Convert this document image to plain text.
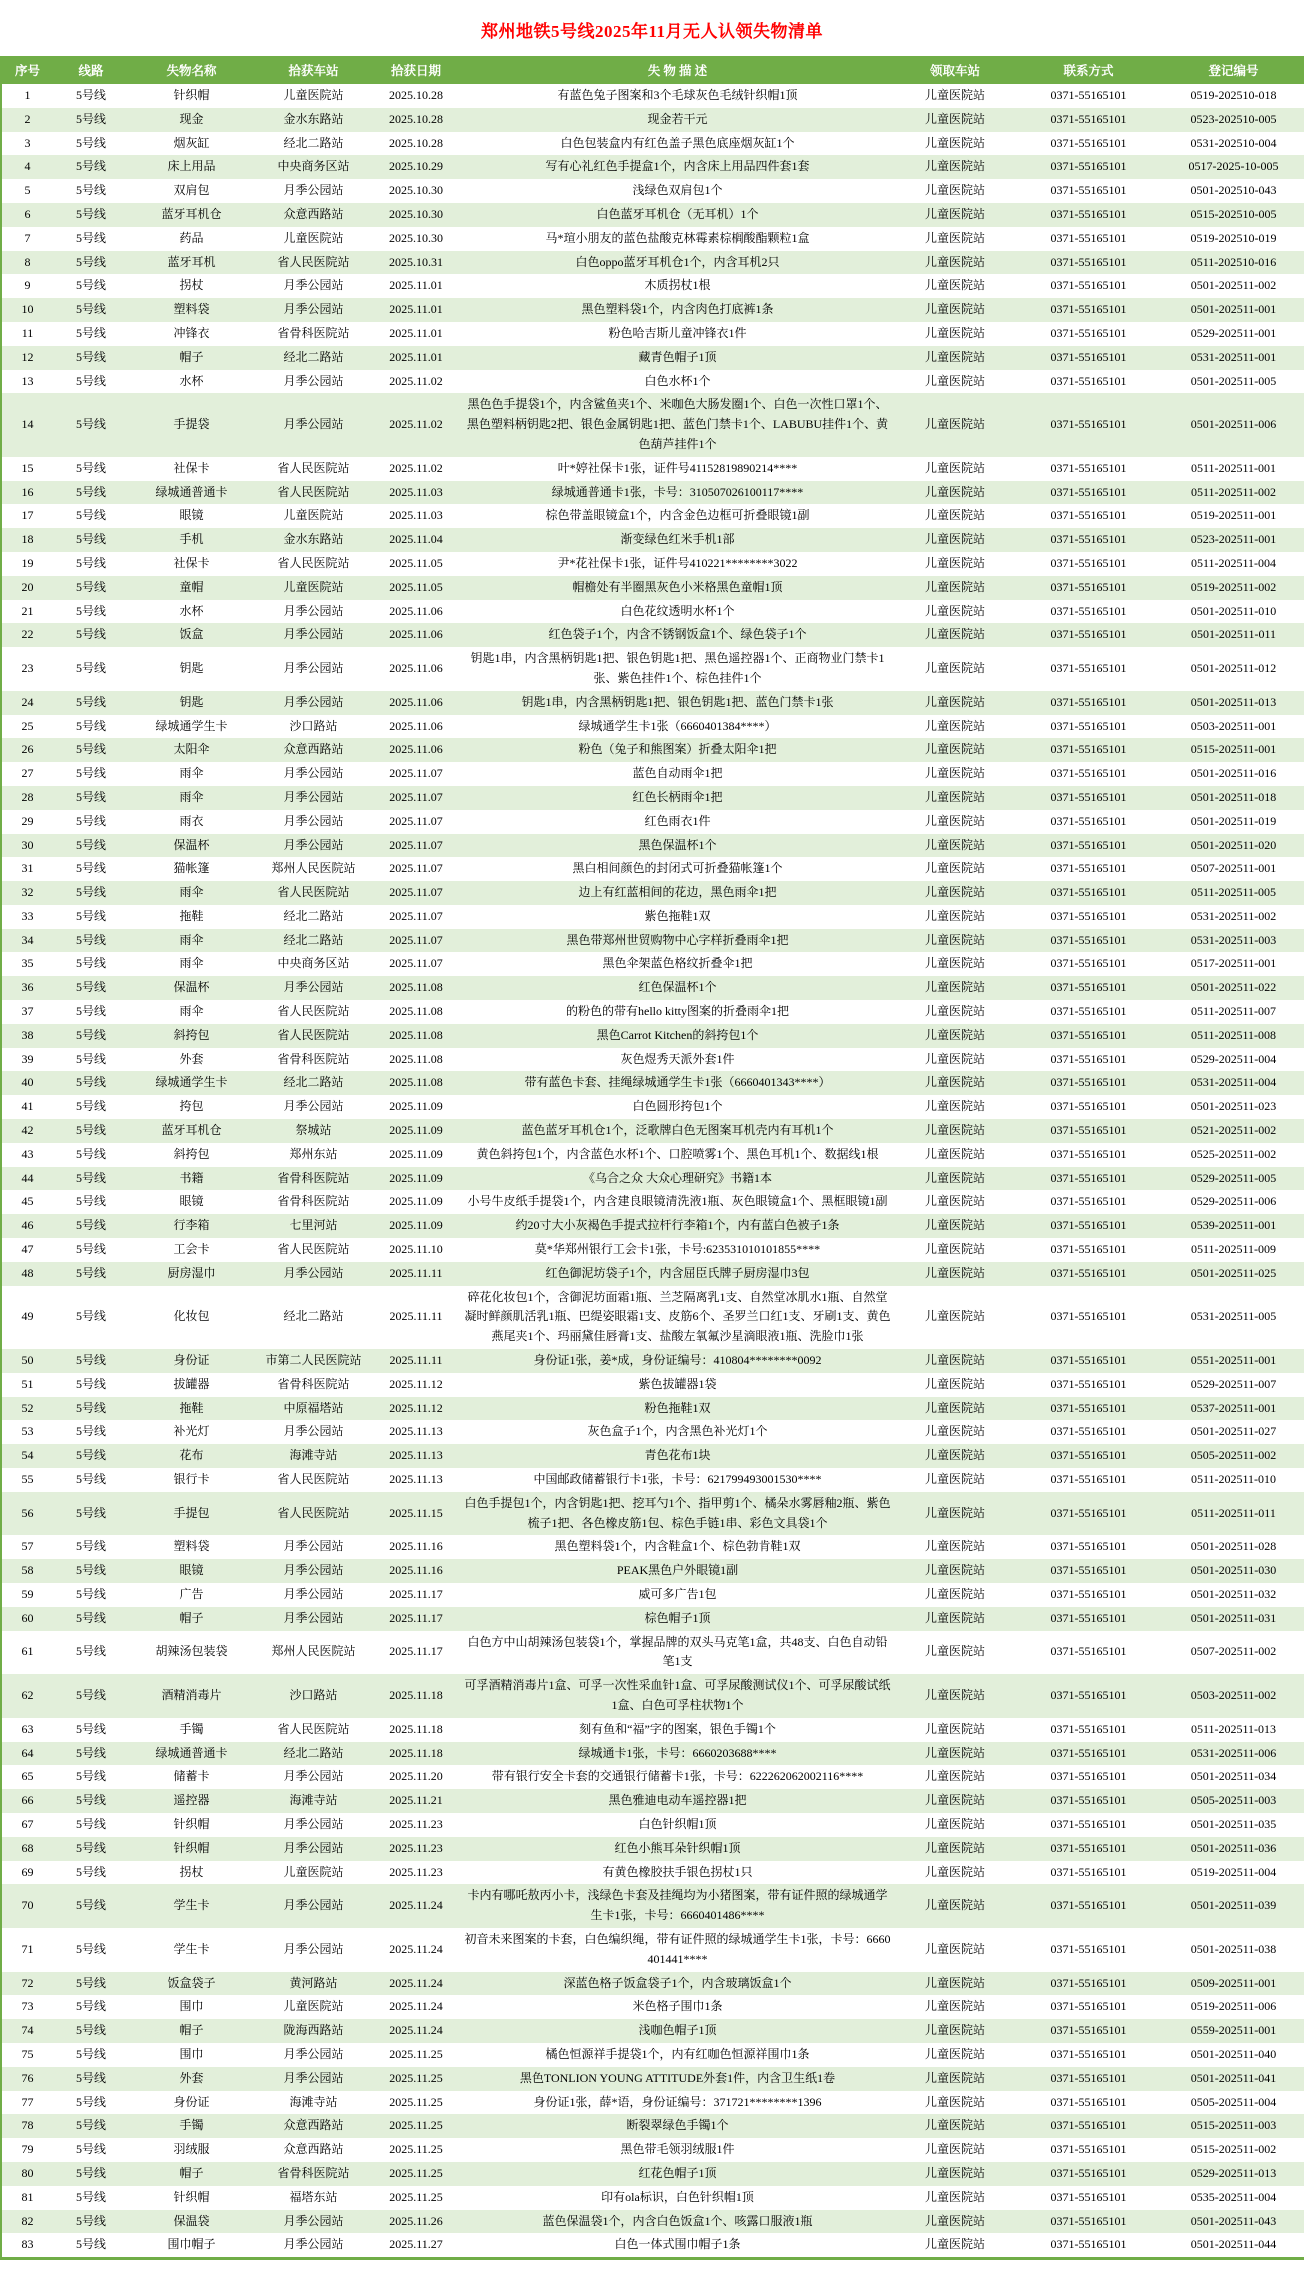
郑州地铁5号线2025年11月无人认领失物清单
序号	线路	失物名称	拾获车站	拾获日期	失 物 描 述	领取车站	联系方式	登记编号
1	5号线	针织帽	儿童医院站	2025.10.28	有蓝色兔子图案和3个毛球灰色毛绒针织帽1顶	儿童医院站	0371-55165101	0519-202510-018
2	5号线	现金	金水东路站	2025.10.28	现金若干元	儿童医院站	0371-55165101	0523-202510-005
3	5号线	烟灰缸	经北二路站	2025.10.28	白色包装盒内有红色盖子黑色底座烟灰缸1个	儿童医院站	0371-55165101	0531-202510-004
4	5号线	床上用品	中央商务区站	2025.10.29	写有心礼红色手提盒1个，内含床上用品四件套1套	儿童医院站	0371-55165101	0517-2025-10-005
5	5号线	双肩包	月季公园站	2025.10.30	浅绿色双肩包1个	儿童医院站	0371-55165101	0501-202510-043
6	5号线	蓝牙耳机仓	众意西路站	2025.10.30	白色蓝牙耳机仓（无耳机）1个	儿童医院站	0371-55165101	0515-202510-005
7	5号线	药品	儿童医院站	2025.10.30	马*瑄小朋友的蓝色盐酸克林霉素棕榈酸酯颗粒1盒	儿童医院站	0371-55165101	0519-202510-019
8	5号线	蓝牙耳机	省人民医院站	2025.10.31	白色oppo蓝牙耳机仓1个，内含耳机2只	儿童医院站	0371-55165101	0511-202510-016
9	5号线	拐杖	月季公园站	2025.11.01	木质拐杖1根	儿童医院站	0371-55165101	0501-202511-002
10	5号线	塑料袋	月季公园站	2025.11.01	黑色塑料袋1个，内含肉色打底裤1条	儿童医院站	0371-55165101	0501-202511-001
11	5号线	冲锋衣	省骨科医院站	2025.11.01	粉色哈吉斯儿童冲锋衣1件	儿童医院站	0371-55165101	0529-202511-001
12	5号线	帽子	经北二路站	2025.11.01	藏青色帽子1顶	儿童医院站	0371-55165101	0531-202511-001
13	5号线	水杯	月季公园站	2025.11.02	白色水杯1个	儿童医院站	0371-55165101	0501-202511-005
14	5号线	手提袋	月季公园站	2025.11.02	黑色色手提袋1个，内含鲨鱼夹1个、米咖色大肠发圈1个、白色一次性口罩1个、黑色塑料柄钥匙2把、银色金属钥匙1把、蓝色门禁卡1个、LABUBU挂件1个、黄色葫芦挂件1个	儿童医院站	0371-55165101	0501-202511-006
15	5号线	社保卡	省人民医院站	2025.11.02	叶*婷社保卡1张，证件号41152819890214****	儿童医院站	0371-55165101	0511-202511-001
16	5号线	绿城通普通卡	省人民医院站	2025.11.03	绿城通普通卡1张，卡号：310507026100117****	儿童医院站	0371-55165101	0511-202511-002
17	5号线	眼镜	儿童医院站	2025.11.03	棕色带盖眼镜盒1个，内含金色边框可折叠眼镜1副	儿童医院站	0371-55165101	0519-202511-001
18	5号线	手机	金水东路站	2025.11.04	渐变绿色红米手机1部	儿童医院站	0371-55165101	0523-202511-001
19	5号线	社保卡	省人民医院站	2025.11.05	尹*花社保卡1张，证件号410221********3022	儿童医院站	0371-55165101	0511-202511-004
20	5号线	童帽	儿童医院站	2025.11.05	帽檐处有半圈黑灰色小米格黑色童帽1顶	儿童医院站	0371-55165101	0519-202511-002
21	5号线	水杯	月季公园站	2025.11.06	白色花纹透明水杯1个	儿童医院站	0371-55165101	0501-202511-010
22	5号线	饭盒	月季公园站	2025.11.06	红色袋子1个，内含不锈钢饭盒1个、绿色袋子1个	儿童医院站	0371-55165101	0501-202511-011
23	5号线	钥匙	月季公园站	2025.11.06	钥匙1串，内含黑柄钥匙1把、银色钥匙1把、黑色遥控器1个、正商物业门禁卡1张、紫色挂件1个、棕色挂件1个	儿童医院站	0371-55165101	0501-202511-012
24	5号线	钥匙	月季公园站	2025.11.06	钥匙1串，内含黑柄钥匙1把、银色钥匙1把、蓝色门禁卡1张	儿童医院站	0371-55165101	0501-202511-013
25	5号线	绿城通学生卡	沙口路站	2025.11.06	绿城通学生卡1张（6660401384****）	儿童医院站	0371-55165101	0503-202511-001
26	5号线	太阳伞	众意西路站	2025.11.06	粉色（兔子和熊图案）折叠太阳伞1把	儿童医院站	0371-55165101	0515-202511-001
27	5号线	雨伞	月季公园站	2025.11.07	蓝色自动雨伞1把	儿童医院站	0371-55165101	0501-202511-016
28	5号线	雨伞	月季公园站	2025.11.07	红色长柄雨伞1把	儿童医院站	0371-55165101	0501-202511-018
29	5号线	雨衣	月季公园站	2025.11.07	红色雨衣1件	儿童医院站	0371-55165101	0501-202511-019
30	5号线	保温杯	月季公园站	2025.11.07	黑色保温杯1个	儿童医院站	0371-55165101	0501-202511-020
31	5号线	猫帐篷	郑州人民医院站	2025.11.07	黑白相间颜色的封闭式可折叠猫帐篷1个	儿童医院站	0371-55165101	0507-202511-001
32	5号线	雨伞	省人民医院站	2025.11.07	边上有红蓝相间的花边，黑色雨伞1把	儿童医院站	0371-55165101	0511-202511-005
33	5号线	拖鞋	经北二路站	2025.11.07	紫色拖鞋1双	儿童医院站	0371-55165101	0531-202511-002
34	5号线	雨伞	经北二路站	2025.11.07	黑色带郑州世贸购物中心字样折叠雨伞1把	儿童医院站	0371-55165101	0531-202511-003
35	5号线	雨伞	中央商务区站	2025.11.07	黑色伞架蓝色格纹折叠伞1把	儿童医院站	0371-55165101	0517-202511-001
36	5号线	保温杯	月季公园站	2025.11.08	红色保温杯1个	儿童医院站	0371-55165101	0501-202511-022
37	5号线	雨伞	省人民医院站	2025.11.08	的粉色的带有hello kitty图案的折叠雨伞1把	儿童医院站	0371-55165101	0511-202511-007
38	5号线	斜挎包	省人民医院站	2025.11.08	黑色Carrot Kitchen的斜挎包1个	儿童医院站	0371-55165101	0511-202511-008
39	5号线	外套	省骨科医院站	2025.11.08	灰色煜秀天派外套1件	儿童医院站	0371-55165101	0529-202511-004
40	5号线	绿城通学生卡	经北二路站	2025.11.08	带有蓝色卡套、挂绳绿城通学生卡1张（6660401343****）	儿童医院站	0371-55165101	0531-202511-004
41	5号线	挎包	月季公园站	2025.11.09	白色圆形挎包1个	儿童医院站	0371-55165101	0501-202511-023
42	5号线	蓝牙耳机仓	祭城站	2025.11.09	蓝色蓝牙耳机仓1个，泛歌牌白色无图案耳机壳内有耳机1个	儿童医院站	0371-55165101	0521-202511-002
43	5号线	斜挎包	郑州东站	2025.11.09	黄色斜挎包1个，内含蓝色水杯1个、口腔喷雾1个、黑色耳机1个、数据线1根	儿童医院站	0371-55165101	0525-202511-002
44	5号线	书籍	省骨科医院站	2025.11.09	《乌合之众 大众心理研究》书籍1本	儿童医院站	0371-55165101	0529-202511-005
45	5号线	眼镜	省骨科医院站	2025.11.09	小号牛皮纸手提袋1个，内含建良眼镜清洗液1瓶、灰色眼镜盒1个、黑框眼镜1副	儿童医院站	0371-55165101	0529-202511-006
46	5号线	行李箱	七里河站	2025.11.09	约20寸大小灰褐色手提式拉杆行李箱1个，内有蓝白色被子1条	儿童医院站	0371-55165101	0539-202511-001
47	5号线	工会卡	省人民医院站	2025.11.10	莫*华郑州银行工会卡1张，卡号:623531010101855****	儿童医院站	0371-55165101	0511-202511-009
48	5号线	厨房湿巾	月季公园站	2025.11.11	红色御泥坊袋子1个，内含屈臣氏牌子厨房湿巾3包	儿童医院站	0371-55165101	0501-202511-025
49	5号线	化妆包	经北二路站	2025.11.11	碎花化妆包1个，含御泥坊面霜1瓶、兰芝隔离乳1支、自然堂冰肌水1瓶、自然堂凝时鲜颜肌活乳1瓶、巴缇姿眼霜1支、皮筋6个、圣罗兰口红1支、牙刷1支、黄色燕尾夹1个、玛丽黛佳唇膏1支、盐酸左氧氟沙星滴眼液1瓶、洗脸巾1张	儿童医院站	0371-55165101	0531-202511-005
50	5号线	身份证	市第二人民医院站	2025.11.11	身份证1张，姜*成，身份证编号：410804********0092	儿童医院站	0371-55165101	0551-202511-001
51	5号线	拔罐器	省骨科医院站	2025.11.12	紫色拔罐器1袋	儿童医院站	0371-55165101	0529-202511-007
52	5号线	拖鞋	中原福塔站	2025.11.12	粉色拖鞋1双	儿童医院站	0371-55165101	0537-202511-001
53	5号线	补光灯	月季公园站	2025.11.13	灰色盒子1个，内含黑色补光灯1个	儿童医院站	0371-55165101	0501-202511-027
54	5号线	花布	海滩寺站	2025.11.13	青色花布1块	儿童医院站	0371-55165101	0505-202511-002
55	5号线	银行卡	省人民医院站	2025.11.13	中国邮政储蓄银行卡1张，卡号：621799493001530****	儿童医院站	0371-55165101	0511-202511-010
56	5号线	手提包	省人民医院站	2025.11.15	白色手提包1个，内含钥匙1把、挖耳勺1个、指甲剪1个、橘朵水雾唇釉2瓶、紫色梳子1把、各色橡皮筋1包、棕色手链1串、彩色文具袋1个	儿童医院站	0371-55165101	0511-202511-011
57	5号线	塑料袋	月季公园站	2025.11.16	黑色塑料袋1个，内含鞋盒1个、棕色勃肯鞋1双	儿童医院站	0371-55165101	0501-202511-028
58	5号线	眼镜	月季公园站	2025.11.16	PEAK黑色户外眼镜1副	儿童医院站	0371-55165101	0501-202511-030
59	5号线	广告	月季公园站	2025.11.17	威可多广告1包	儿童医院站	0371-55165101	0501-202511-032
60	5号线	帽子	月季公园站	2025.11.17	棕色帽子1顶	儿童医院站	0371-55165101	0501-202511-031
61	5号线	胡辣汤包装袋	郑州人民医院站	2025.11.17	白色方中山胡辣汤包装袋1个，掌握品牌的双头马克笔1盒，共48支、白色自动铅笔1支	儿童医院站	0371-55165101	0507-202511-002
62	5号线	酒精消毒片	沙口路站	2025.11.18	可孚酒精消毒片1盒、可孚一次性采血针1盒、可孚尿酸测试仪1个、可孚尿酸试纸1盒、白色可孚柱状物1个	儿童医院站	0371-55165101	0503-202511-002
63	5号线	手镯	省人民医院站	2025.11.18	刻有鱼和“福”字的图案，银色手镯1个	儿童医院站	0371-55165101	0511-202511-013
64	5号线	绿城通普通卡	经北二路站	2025.11.18	绿城通卡1张，卡号：6660203688****	儿童医院站	0371-55165101	0531-202511-006
65	5号线	储蓄卡	月季公园站	2025.11.20	带有银行安全卡套的交通银行储蓄卡1张，卡号：622262062002116****	儿童医院站	0371-55165101	0501-202511-034
66	5号线	遥控器	海滩寺站	2025.11.21	黑色雅迪电动车遥控器1把	儿童医院站	0371-55165101	0505-202511-003
67	5号线	针织帽	月季公园站	2025.11.23	白色针织帽1顶	儿童医院站	0371-55165101	0501-202511-035
68	5号线	针织帽	月季公园站	2025.11.23	红色小熊耳朵针织帽1顶	儿童医院站	0371-55165101	0501-202511-036
69	5号线	拐杖	儿童医院站	2025.11.23	有黄色橡胶扶手银色拐杖1只	儿童医院站	0371-55165101	0519-202511-004
70	5号线	学生卡	月季公园站	2025.11.24	卡内有哪吒敖丙小卡，浅绿色卡套及挂绳均为小猪图案，带有证件照的绿城通学生卡1张，卡号：6660401486****	儿童医院站	0371-55165101	0501-202511-039
71	5号线	学生卡	月季公园站	2025.11.24	初音未来图案的卡套，白色编织绳，带有证件照的绿城通学生卡1张，卡号：6660401441****	儿童医院站	0371-55165101	0501-202511-038
72	5号线	饭盒袋子	黄河路站	2025.11.24	深蓝色格子饭盒袋子1个，内含玻璃饭盒1个	儿童医院站	0371-55165101	0509-202511-001
73	5号线	围巾	儿童医院站	2025.11.24	米色格子围巾1条	儿童医院站	0371-55165101	0519-202511-006
74	5号线	帽子	陇海西路站	2025.11.24	浅咖色帽子1顶	儿童医院站	0371-55165101	0559-202511-001
75	5号线	围巾	月季公园站	2025.11.25	橘色恒源祥手提袋1个，内有红咖色恒源祥围巾1条	儿童医院站	0371-55165101	0501-202511-040
76	5号线	外套	月季公园站	2025.11.25	黑色TONLION YOUNG ATTITUDE外套1件，内含卫生纸1卷	儿童医院站	0371-55165101	0501-202511-041
77	5号线	身份证	海滩寺站	2025.11.25	身份证1张，薛*语，身份证编号：371721********1396	儿童医院站	0371-55165101	0505-202511-004
78	5号线	手镯	众意西路站	2025.11.25	断裂翠绿色手镯1个	儿童医院站	0371-55165101	0515-202511-003
79	5号线	羽绒服	众意西路站	2025.11.25	黑色带毛领羽绒服1件	儿童医院站	0371-55165101	0515-202511-002
80	5号线	帽子	省骨科医院站	2025.11.25	红花色帽子1顶	儿童医院站	0371-55165101	0529-202511-013
81	5号线	针织帽	福塔东站	2025.11.25	印有ola标识，白色针织帽1顶	儿童医院站	0371-55165101	0535-202511-004
82	5号线	保温袋	月季公园站	2025.11.26	蓝色保温袋1个，内含白色饭盒1个、咳露口服液1瓶	儿童医院站	0371-55165101	0501-202511-043
83	5号线	围巾帽子	月季公园站	2025.11.27	白色一体式围巾帽子1条	儿童医院站	0371-55165101	0501-202511-044
